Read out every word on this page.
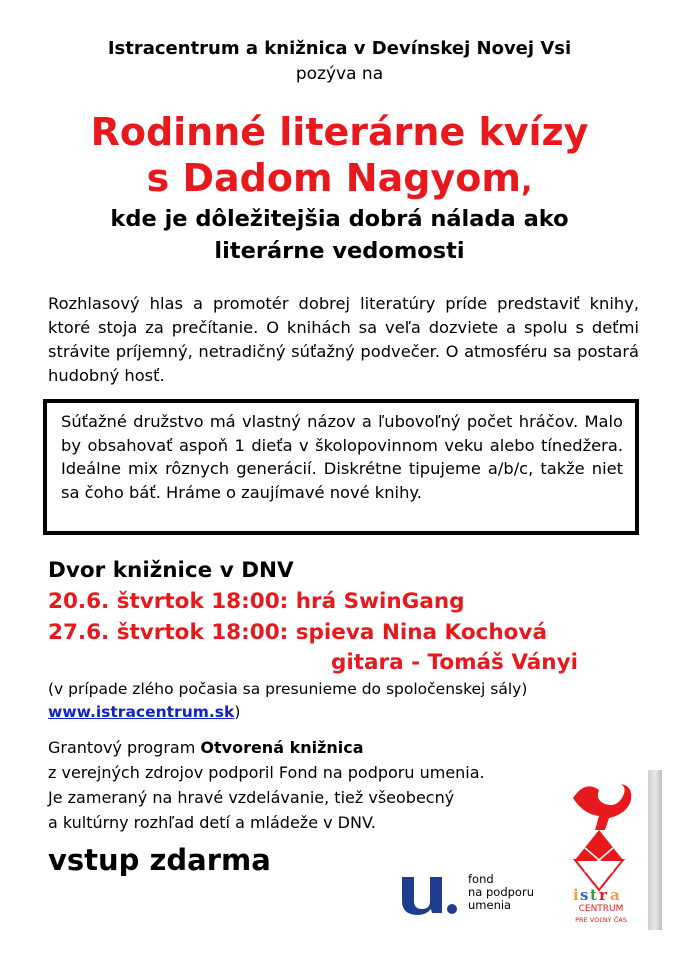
Istracentrum a knižnica v Devínskej Novej Vsi
pozýva na
Rodinné literárne kvízy
s Dadom Nagyom,
kde je dôležitejšia dobrá nálada ako
literárne vedomosti

Rozhlasový hlas a promotér dobrej literatúry príde predstaviť knihy, ktoré stoja za prečítanie. O knihách sa veľa dozviete a spolu s deťmi strávite príjemný, netradičný súťažný podvečer. O atmosféru sa postará hudobný hosť.

Súťažné družstvo má vlastný názov a ľubovoľný počet hráčov. Malo by obsahovať aspoň 1 dieťa v školopovinnom veku alebo tínedžera. Ideálne mix rôznych generácií. Diskrétne tipujeme a/b/c, takže niet sa čoho báť. Hráme o zaujímavé nové knihy.

Dvor knižnice v DNV
20.6. štvrtok 18:00: hrá SwinGang
27.6. štvrtok 18:00: spieva Nina Kochová
gitara - Tomáš Ványi
(v prípade zlého počasia sa presunieme do spoločenskej sály)
www.istracentrum.sk)
Grantový program Otvorená knižnica
z verejných zdrojov podporil Fond na podporu umenia.
Je zameraný na hravé vzdelávanie, tiež všeobecný
a kultúrny rozhľad detí a mládeže v DNV.
vstup zdarma
fond
na podporu
umenia
i s t r a
CENTRUM
PRE VOĽNÝ ČAS
